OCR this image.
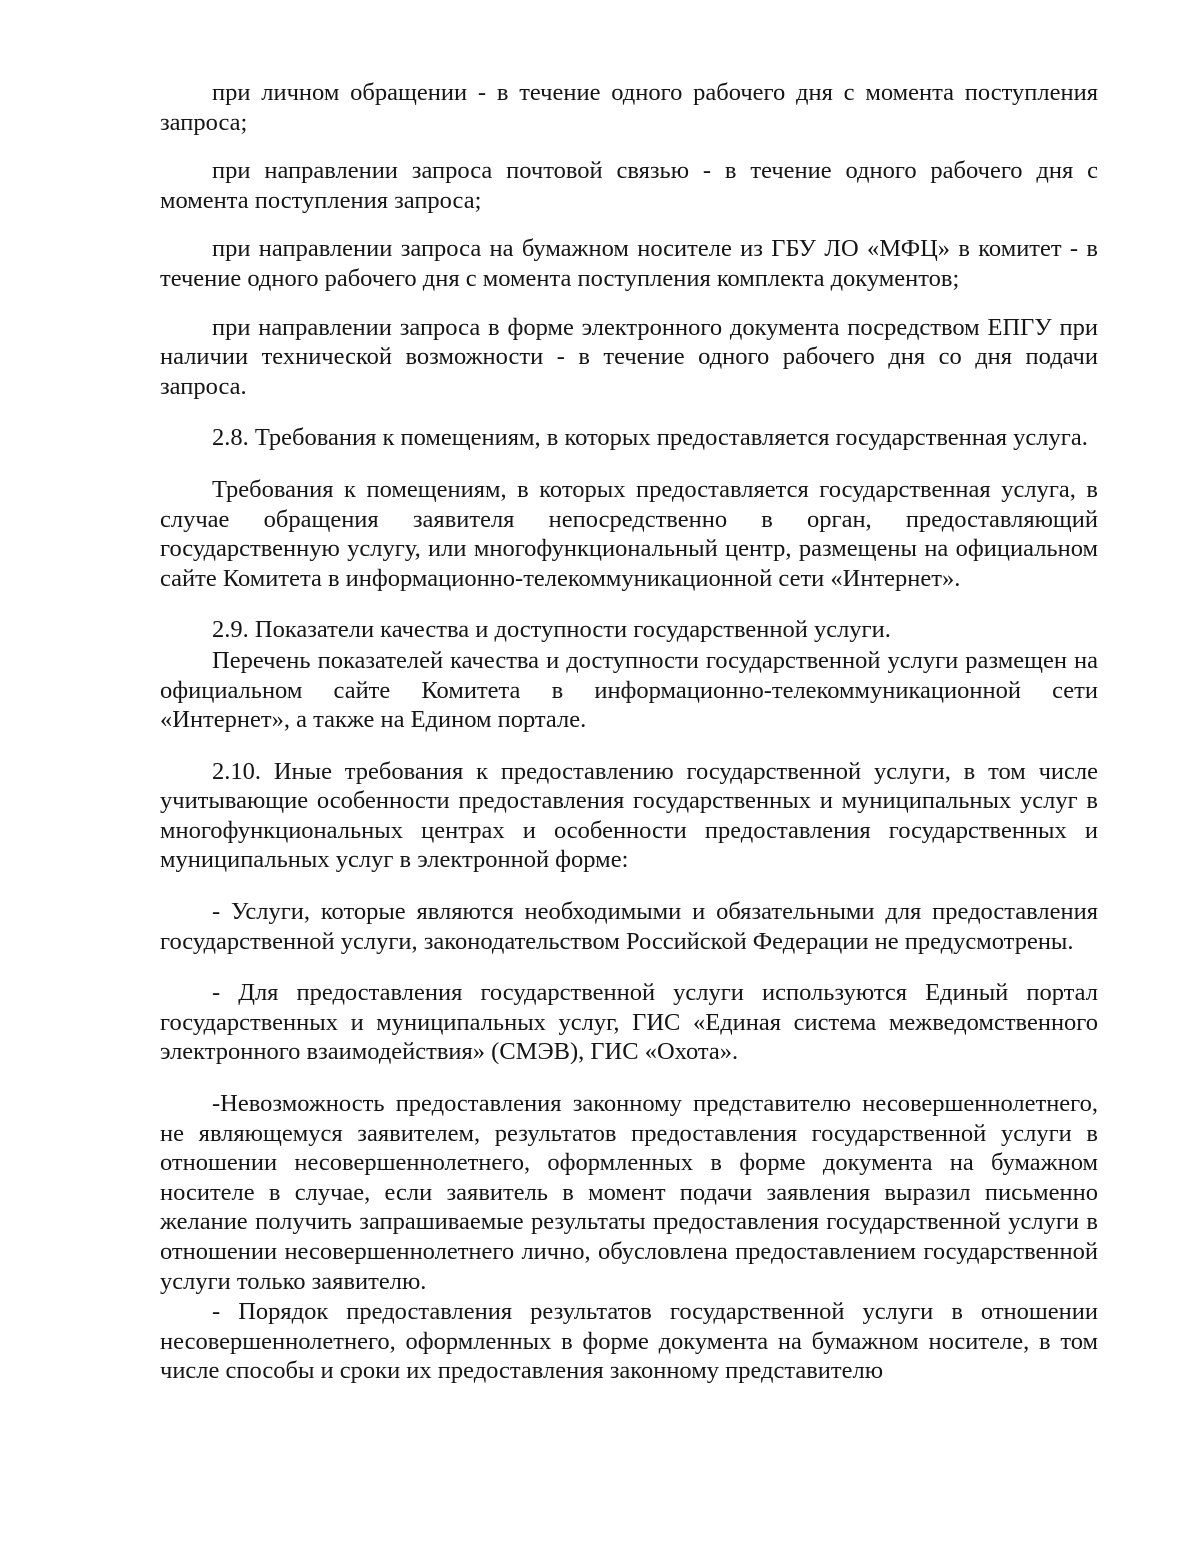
при личном обращении - в течение одного рабочего дня с момента поступления запроса;

при направлении запроса почтовой связью - в течение одного рабочего дня с момента поступления запроса;

при направлении запроса на бумажном носителе из ГБУ ЛО «МФЦ» в комитет - в течение одного рабочего дня с момента поступления комплекта документов;

при направлении запроса в форме электронного документа посредством ЕПГУ при наличии технической возможности - в течение одного рабочего дня со дня подачи запроса.

2.8. Требования к помещениям, в которых предоставляется государственная услуга.

Требования к помещениям, в которых предоставляется государственная услуга, в случае обращения заявителя непосредственно в орган, предоставляющий государственную услугу, или многофункциональный центр, размещены на официальном сайте Комитета в информационно-телекоммуникационной сети «Интернет».

2.9. Показатели качества и доступности государственной услуги.

Перечень показателей качества и доступности государственной услуги размещен на официальном сайте Комитета в информационно-телекоммуникационной сети «Интернет», а также на Едином портале.

2.10. Иные требования к предоставлению государственной услуги, в том числе учитывающие особенности предоставления государственных и муниципальных услуг в многофункциональных центрах и особенности предоставления государственных и муниципальных услуг в электронной форме:

- Услуги, которые являются необходимыми и обязательными для предоставления государственной услуги, законодательством Российской Федерации не предусмотрены.

- Для предоставления государственной услуги используются Единый портал государственных и муниципальных услуг, ГИС «Единая система межведомственного электронного взаимодействия» (СМЭВ), ГИС «Охота».

-Невозможность предоставления законному представителю несовершеннолетнего, не являющемуся заявителем, результатов предоставления государственной услуги в отношении несовершеннолетнего, оформленных в форме документа на бумажном носителе в случае, если заявитель в момент подачи заявления выразил письменно желание получить запрашиваемые результаты предоставления государственной услуги в отношении несовершеннолетнего лично, обусловлена предоставлением государственной услуги только заявителю.

- Порядок предоставления результатов государственной услуги в отношении несовершеннолетнего, оформленных в форме документа на бумажном носителе, в том числе способы и сроки их предоставления законному представителю
